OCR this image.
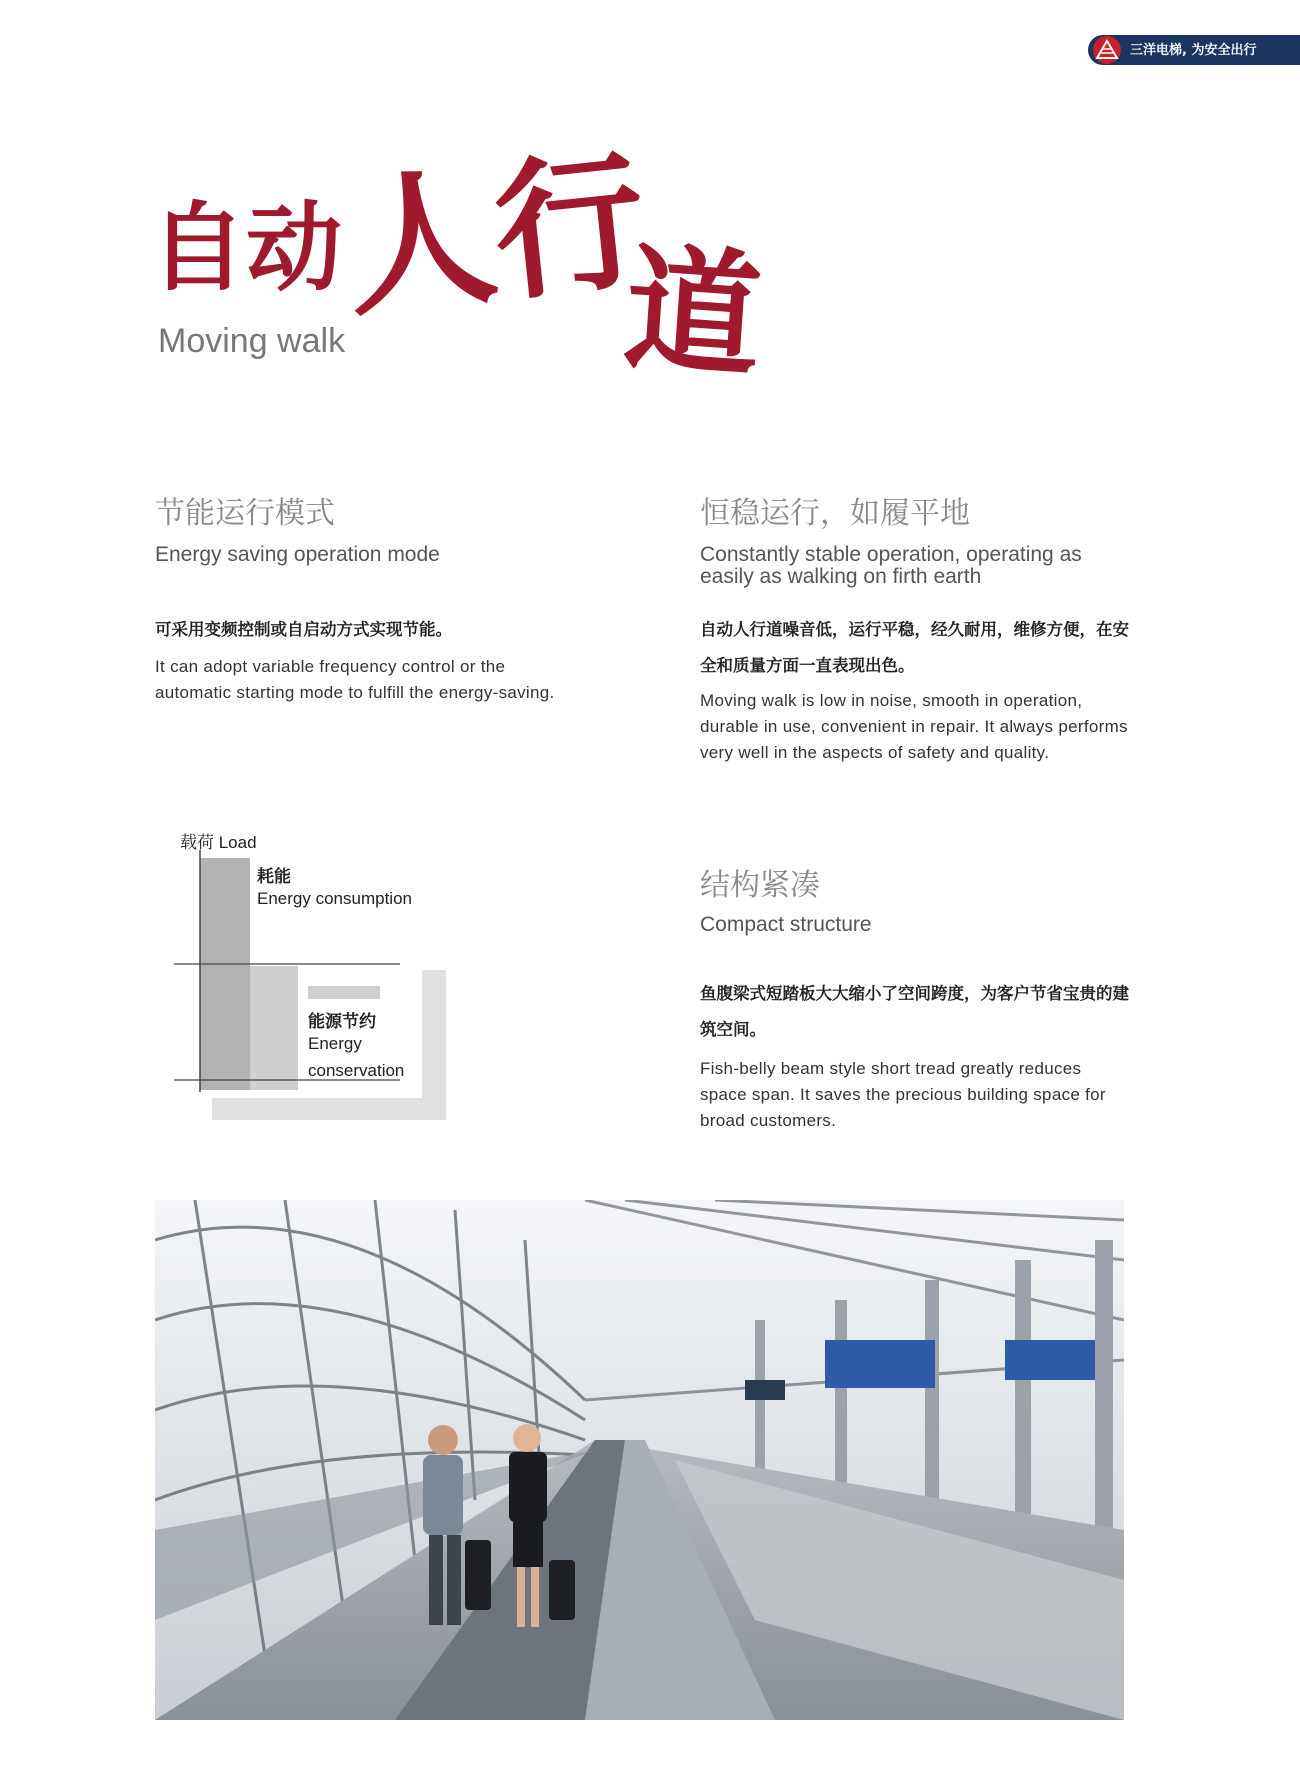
三洋电梯, 为安全出行
自动
人行
道
Moving walk
节能运行模式
Energy saving operation mode
可采用变频控制或自启动方式实现节能。
It can adopt variable frequency control or the automatic starting mode to fulfill the energy-saving.
恒稳运行，如履平地
Constantly stable operation, operating as easily as walking on firth earth
自动人行道噪音低，运行平稳，经久耐用，维修方便，在安全和质量方面一直表现出色。
Moving walk is low in noise, smooth in operation, durable in use, convenient in repair. It always performs very well in the aspects of safety and quality.
结构紧凑
Compact structure
鱼腹梁式短踏板大大缩小了空间跨度，为客户节省宝贵的建筑空间。
Fish-belly beam style short tread greatly reduces space span. It saves the precious building space for broad customers.
载荷 Load
耗能
Energy consumption
能源节约
Energy
conservation
